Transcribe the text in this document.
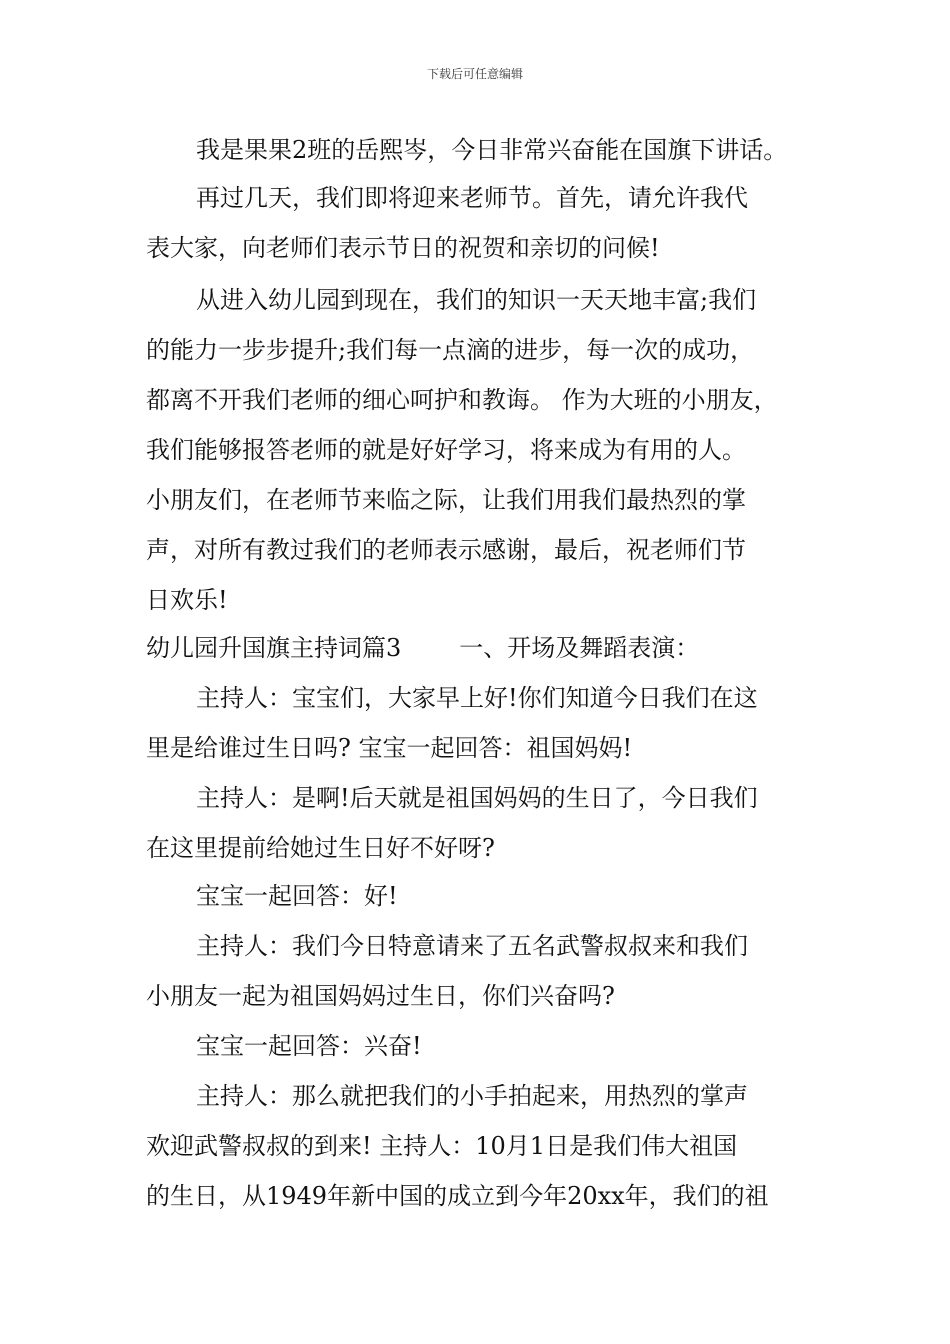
下载后可任意编辑
我是果果2班的岳熙岑，今日非常兴奋能在国旗下讲话。
再过几天，我们即将迎来老师节。首先，请允许我代
表大家，向老师们表示节日的祝贺和亲切的问候!
从进入幼儿园到现在，我们的知识一天天地丰富;我们
的能力一步步提升;我们每一点滴的进步，每一次的成功，
都离不开我们老师的细心呵护和教诲。 作为大班的小朋友，
我们能够报答老师的就是好好学习，将来成为有用的人。
小朋友们，在老师节来临之际，让我们用我们最热烈的掌
声，对所有教过我们的老师表示感谢，最后，祝老师们节
日欢乐!
幼儿园升国旗主持词篇3 一、开场及舞蹈表演：
主持人：宝宝们，大家早上好!你们知道今日我们在这
里是给谁过生日吗? 宝宝一起回答：祖国妈妈!
主持人：是啊!后天就是祖国妈妈的生日了，今日我们
在这里提前给她过生日好不好呀?
宝宝一起回答：好!
主持人：我们今日特意请来了五名武警叔叔来和我们
小朋友一起为祖国妈妈过生日，你们兴奋吗?
宝宝一起回答：兴奋!
主持人：那么就把我们的小手拍起来，用热烈的掌声
欢迎武警叔叔的到来! 主持人：10月1日是我们伟大祖国
的生日，从1949年新中国的成立到今年20xx年，我们的祖
